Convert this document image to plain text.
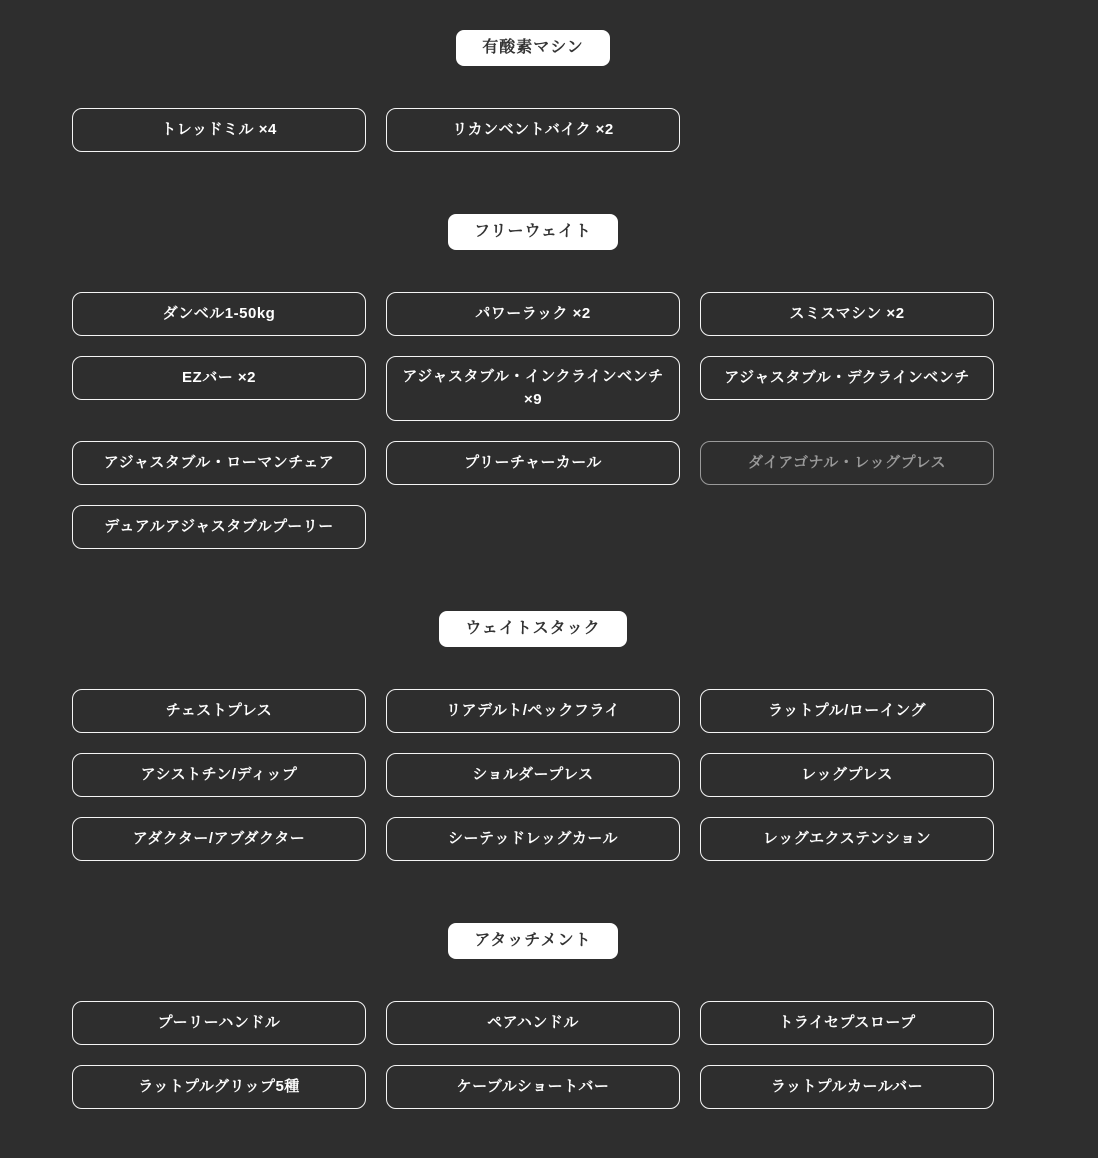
有酸素マシン
トレッドミル ×4	リカンベントバイク ×2
フリーウェイト
ダンベル1-50kg	パワーラック ×2	スミスマシン ×2
EZバー ×2	アジャスタブル・インクラインベンチ ×9
アジャスタブル・デクラインベンチ
アジャスタブル・ローマンチェア	プリーチャーカール	ダイアゴナル・レッグプレス
デュアルアジャスタブルプーリー
ウェイトスタック
チェストプレス	リアデルト/ペックフライ	ラットプル/ローイング
アシストチン/ディップ	ショルダープレス	レッグプレス
アダクター/アブダクター	シーテッドレッグカール	レッグエクステンション
アタッチメント
プーリーハンドル	ペアハンドル	トライセプスロープ
ラットプルグリップ5種	ケーブルショートバー	ラットプルカールバー
